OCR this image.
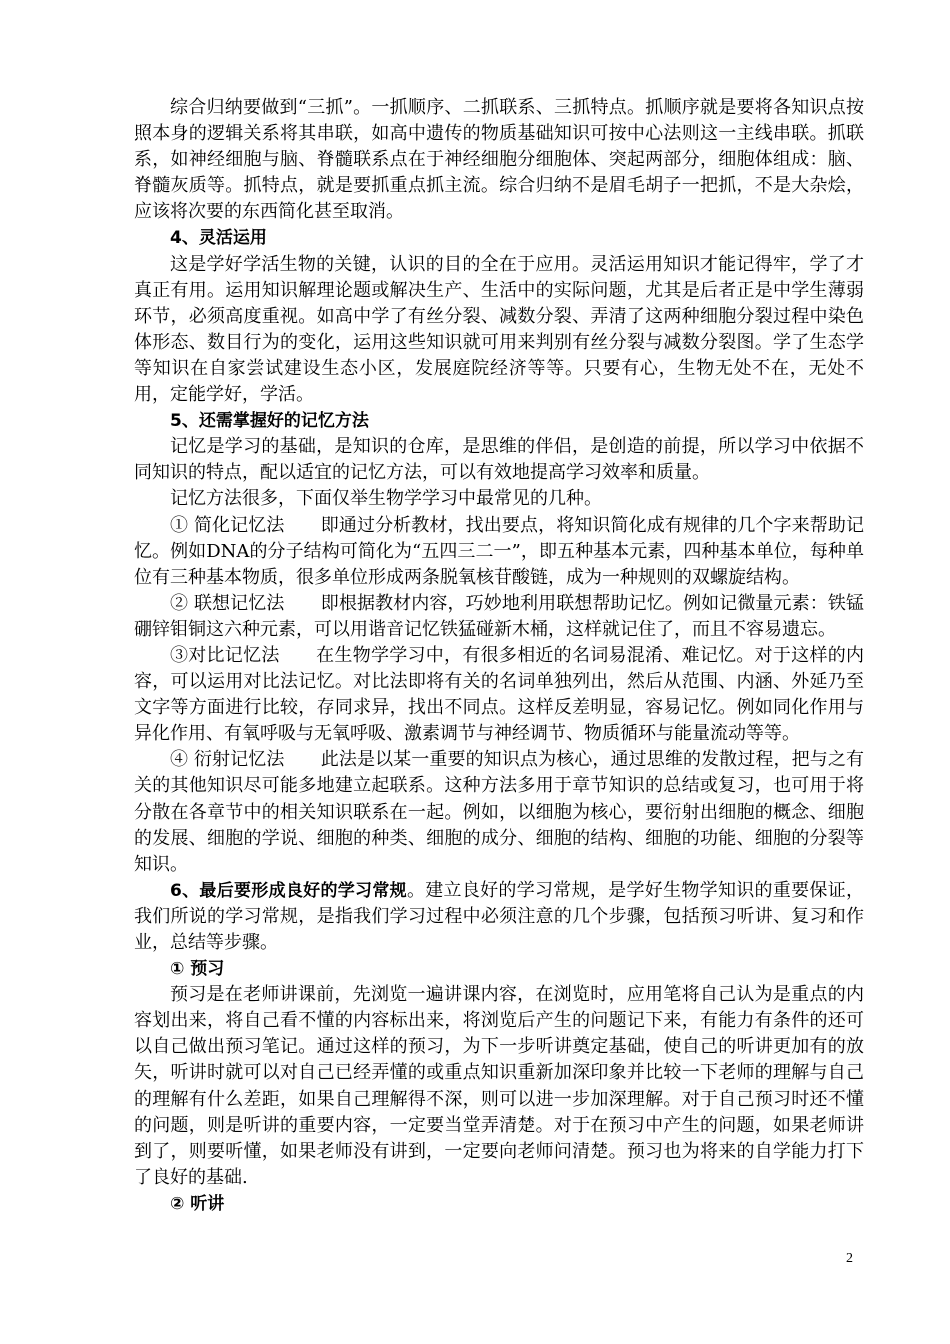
综合归纳要做到“三抓”。一抓顺序、二抓联系、三抓特点。抓顺序就是要将各知识点按照本身的逻辑关系将其串联，如高中遗传的物质基础知识可按中心法则这一主线串联。抓联系，如神经细胞与脑、脊髓联系点在于神经细胞分细胞体、突起两部分，细胞体组成：脑、脊髓灰质等。抓特点，就是要抓重点抓主流。综合归纳不是眉毛胡子一把抓，不是大杂烩，应该将次要的东西简化甚至取消。

4、灵活运用

这是学好学活生物的关键，认识的目的全在于应用。灵活运用知识才能记得牢，学了才真正有用。运用知识解理论题或解决生产、生活中的实际问题，尤其是后者正是中学生薄弱环节，必须高度重视。如高中学了有丝分裂、减数分裂、弄清了这两种细胞分裂过程中染色体形态、数目行为的变化，运用这些知识就可用来判别有丝分裂与减数分裂图。学了生态学等知识在自家尝试建设生态小区，发展庭院经济等等。只要有心，生物无处不在，无处不用，定能学好，学活。

5、还需掌握好的记忆方法

记忆是学习的基础，是知识的仓库，是思维的伴侣，是创造的前提，所以学习中依据不同知识的特点，配以适宜的记忆方法，可以有效地提高学习效率和质量。

记忆方法很多，下面仅举生物学学习中最常见的几种。

① 简化记忆法　　即通过分析教材，找出要点，将知识简化成有规律的几个字来帮助记忆。例如DNA的分子结构可简化为“五四三二一”，即五种基本元素，四种基本单位，每种单位有三种基本物质，很多单位形成两条脱氧核苷酸链，成为一种规则的双螺旋结构。

② 联想记忆法　　即根据教材内容，巧妙地利用联想帮助记忆。例如记微量元素：铁锰硼锌钼铜这六种元素，可以用谐音记忆铁猛碰新木桶，这样就记住了，而且不容易遗忘。

③对比记忆法　　在生物学学习中，有很多相近的名词易混淆、难记忆。对于这样的内容，可以运用对比法记忆。对比法即将有关的名词单独列出，然后从范围、内涵、外延乃至文字等方面进行比较，存同求异，找出不同点。这样反差明显，容易记忆。例如同化作用与异化作用、有氧呼吸与无氧呼吸、激素调节与神经调节、物质循环与能量流动等等。

④ 衍射记忆法　　此法是以某一重要的知识点为核心，通过思维的发散过程，把与之有关的其他知识尽可能多地建立起联系。这种方法多用于章节知识的总结或复习，也可用于将分散在各章节中的相关知识联系在一起。例如，以细胞为核心，要衍射出细胞的概念、细胞的发展、细胞的学说、细胞的种类、细胞的成分、细胞的结构、细胞的功能、细胞的分裂等知识。

6、最后要形成良好的学习常规。建立良好的学习常规，是学好生物学知识的重要保证，我们所说的学习常规，是指我们学习过程中必须注意的几个步骤，包括预习听讲、复习和作业，总结等步骤。

① 预习

预习是在老师讲课前，先浏览一遍讲课内容，在浏览时，应用笔将自己认为是重点的内容划出来，将自己看不懂的内容标出来，将浏览后产生的问题记下来，有能力有条件的还可以自己做出预习笔记。通过这样的预习，为下一步听讲奠定基础，使自己的听讲更加有的放矢，听讲时就可以对自己已经弄懂的或重点知识重新加深印象并比较一下老师的理解与自己的理解有什么差距，如果自己理解得不深，则可以进一步加深理解。对于自己预习时还不懂的问题，则是听讲的重要内容，一定要当堂弄清楚。对于在预习中产生的问题，如果老师讲到了，则要听懂，如果老师没有讲到，一定要向老师问清楚。预习也为将来的自学能力打下了良好的基础.

② 听讲
2
